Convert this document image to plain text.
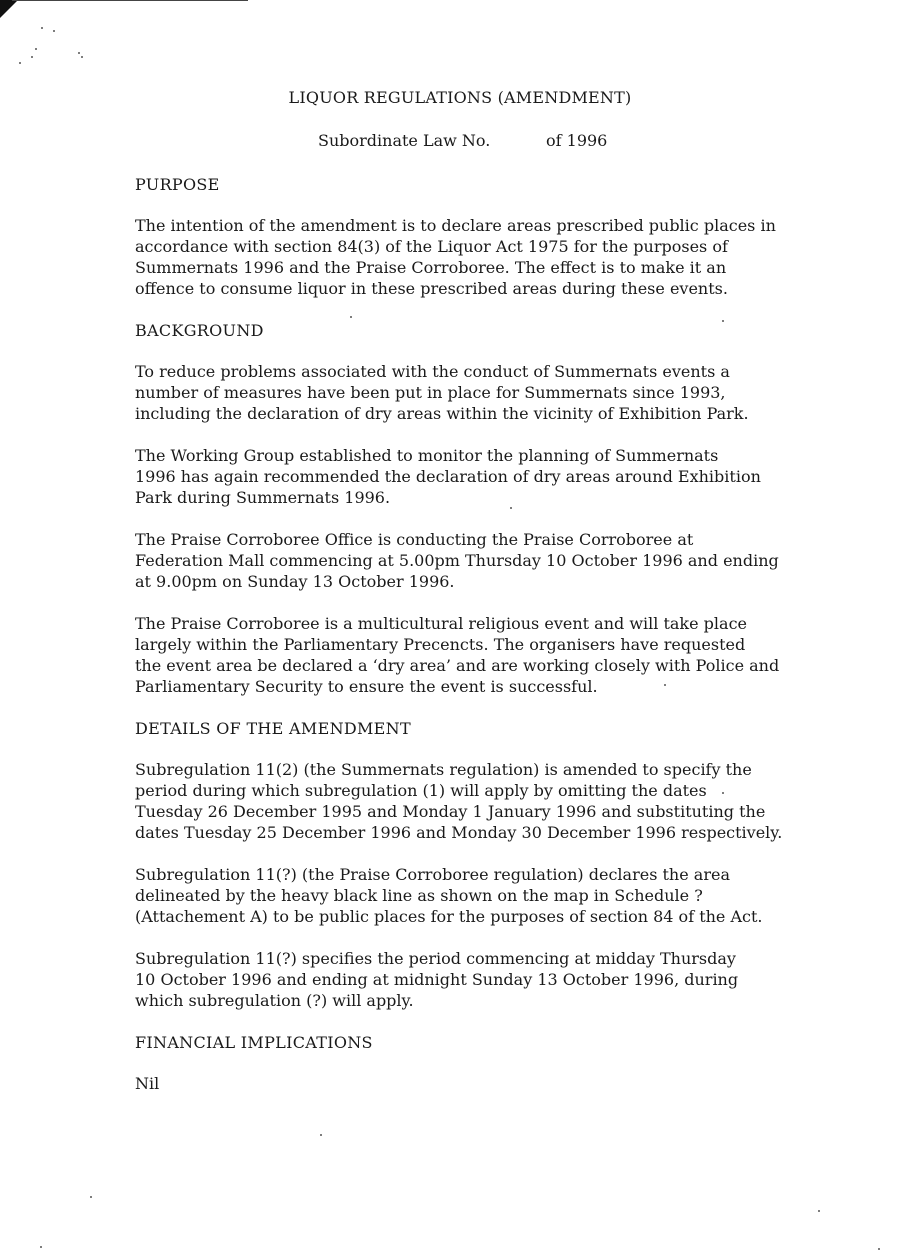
LIQUOR REGULATIONS (AMENDMENT)
Subordinate Law No.	of 1996
PURPOSE

The intention of the amendment is to declare areas prescribed public places in
accordance with section 84(3) of the Liquor Act 1975 for the purposes of
Summernats 1996 and the Praise Corroboree. The effect is to make it an
offence to consume liquor in these prescribed areas during these events.

BACKGROUND

To reduce problems associated with the conduct of Summernats events a
number of measures have been put in place for Summernats since 1993,
including the declaration of dry areas within the vicinity of Exhibition Park.

The Working Group established to monitor the planning of Summernats
1996 has again recommended the declaration of dry areas around Exhibition
Park during Summernats 1996.

The Praise Corroboree Office is conducting the Praise Corroboree at
Federation Mall commencing at 5.00pm Thursday 10 October 1996 and ending
at 9.00pm on Sunday 13 October 1996.

The Praise Corroboree is a multicultural religious event and will take place
largely within the Parliamentary Precencts. The organisers have requested
the event area be declared a ‘dry area’ and are working closely with Police and
Parliamentary Security to ensure the event is successful.

DETAILS OF THE AMENDMENT

Subregulation 11(2) (the Summernats regulation) is amended to specify the
period during which subregulation (1) will apply by omitting the dates
Tuesday 26 December 1995 and Monday 1 January 1996 and substituting the
dates Tuesday 25 December 1996 and Monday 30 December 1996 respectively.

Subregulation 11(?) (the Praise Corroboree regulation) declares the area
delineated by the heavy black line as shown on the map in Schedule ?
(Attachement A) to be public places for the purposes of section 84 of the Act.

Subregulation 11(?) specifies the period commencing at midday Thursday
10 October 1996 and ending at midnight Sunday 13 October 1996, during
which subregulation (?) will apply.

FINANCIAL IMPLICATIONS

Nil
